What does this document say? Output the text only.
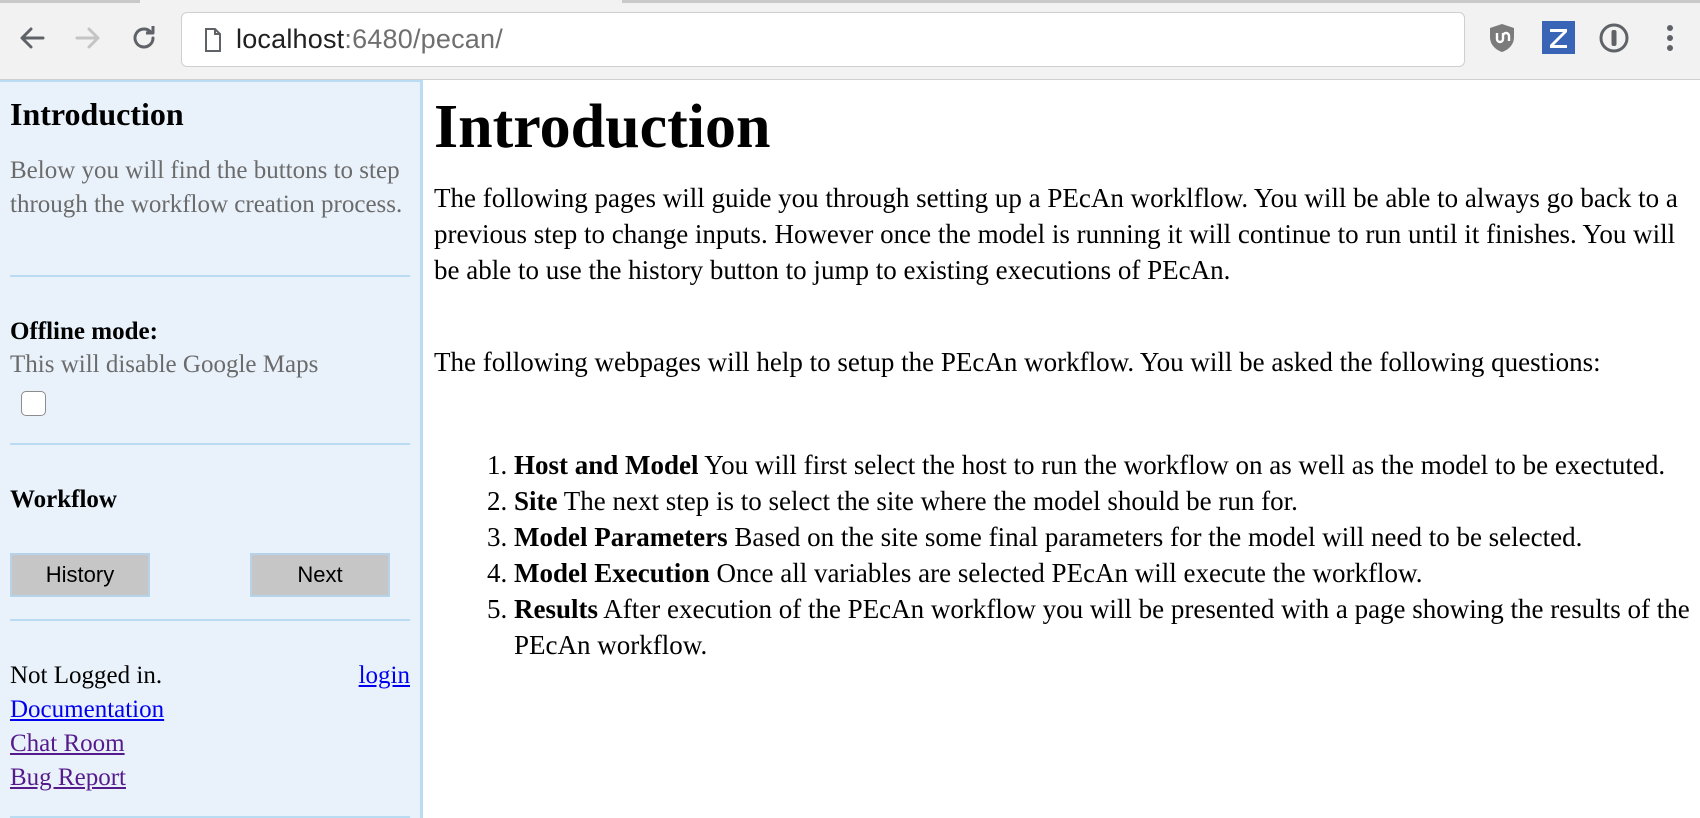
localhost:6480/pecan/
Introduction

Below you will find the buttons to step through the workflow creation process.

Offline mode:
This will disable Google Maps
Workflow
History	Next
Not Logged in.	login
Documentation
Chat Room
Bug Report
Introduction

The following pages will guide you through setting up a PEcAn worklflow. You will be able to always go back to a previous step to change inputs. However once the model is running it will continue to run until it finishes. You will be able to use the history button to jump to existing executions of PEcAn.

The following webpages will help to setup the PEcAn workflow. You will be asked the following questions:

1. Host and Model You will first select the host to run the workflow on as well as the model to be exectuted.
2. Site The next step is to select the site where the model should be run for.
3. Model Parameters Based on the site some final parameters for the model will need to be selected.
4. Model Execution Once all variables are selected PEcAn will execute the workflow.
5. Results After execution of the PEcAn workflow you will be presented with a page showing the results of the PEcAn workflow.
